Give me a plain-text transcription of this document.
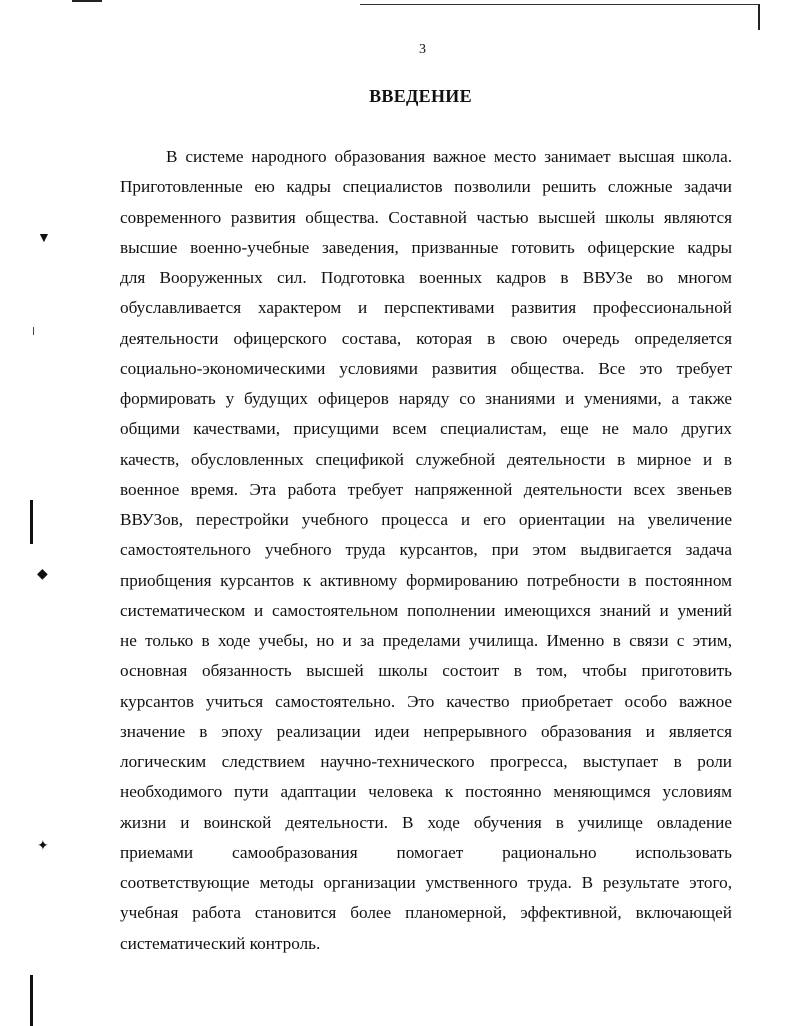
▼
◆
✦
3
ВВЕДЕНИЕ
В системе народного образования важное место занимает высшая школа.
Приготовленные ею кадры специалистов позволили решить сложные задачи
современного развития общества. Составной частью высшей школы являются
высшие военно-учебные заведения, призванные готовить офицерские кадры
для Вооруженных сил. Подготовка военных кадров в ВВУЗе во многом
обуславливается характером и перспективами развития профессиональной
деятельности офицерского состава, которая в свою очередь определяется
социально-экономическими условиями развития общества. Все это требует
формировать у будущих офицеров наряду со знаниями и умениями, а также
общими качествами, присущими всем специалистам, еще не мало других
качеств, обусловленных спецификой служебной деятельности в мирное и в
военное время. Эта работа требует напряженной деятельности всех звеньев
ВВУЗов, перестройки учебного процесса и его ориентации на увеличение
самостоятельного учебного труда курсантов, при этом выдвигается задача
приобщения курсантов к активному формированию потребности в постоянном
систематическом и самостоятельном пополнении имеющихся знаний и умений
не только в ходе учебы, но и за пределами училища. Именно в связи с этим,
основная обязанность высшей школы состоит в том, чтобы приготовить
курсантов учиться самостоятельно. Это качество приобретает особо важное
значение в эпоху реализации идеи непрерывного образования и является
логическим следствием научно-технического прогресса, выступает в роли
необходимого пути адаптации человека к постоянно меняющимся условиям
жизни и воинской деятельности. В ходе обучения в училище овладение
приемами самообразования помогает рационально использовать
соответствующие методы организации умственного труда. В результате этого,
учебная работа становится более планомерной, эффективной, включающей
систематический контроль.
